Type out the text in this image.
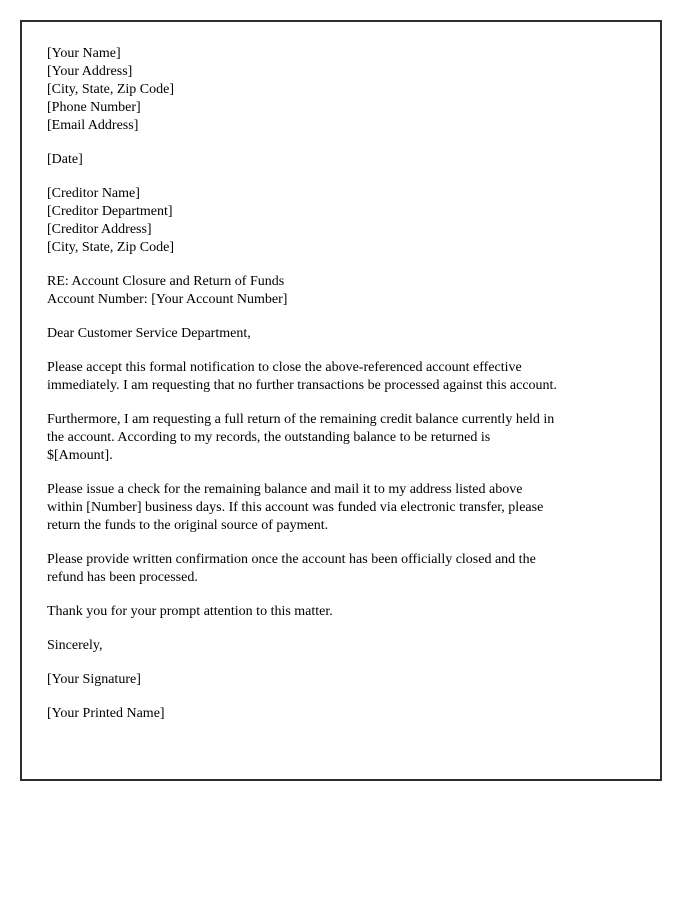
[Your Name]
[Your Address]
[City, State, Zip Code]
[Phone Number]
[Email Address]
[Date]
[Creditor Name]
[Creditor Department]
[Creditor Address]
[City, State, Zip Code]
RE: Account Closure and Return of Funds
Account Number: [Your Account Number]
Dear Customer Service Department,
Please accept this formal notification to close the above-referenced account effective
immediately. I am requesting that no further transactions be processed against this account.
Furthermore, I am requesting a full return of the remaining credit balance currently held in
the account. According to my records, the outstanding balance to be returned is
$[Amount].
Please issue a check for the remaining balance and mail it to my address listed above
within [Number] business days. If this account was funded via electronic transfer, please
return the funds to the original source of payment.
Please provide written confirmation once the account has been officially closed and the
refund has been processed.
Thank you for your prompt attention to this matter.
Sincerely,
[Your Signature]
[Your Printed Name]
